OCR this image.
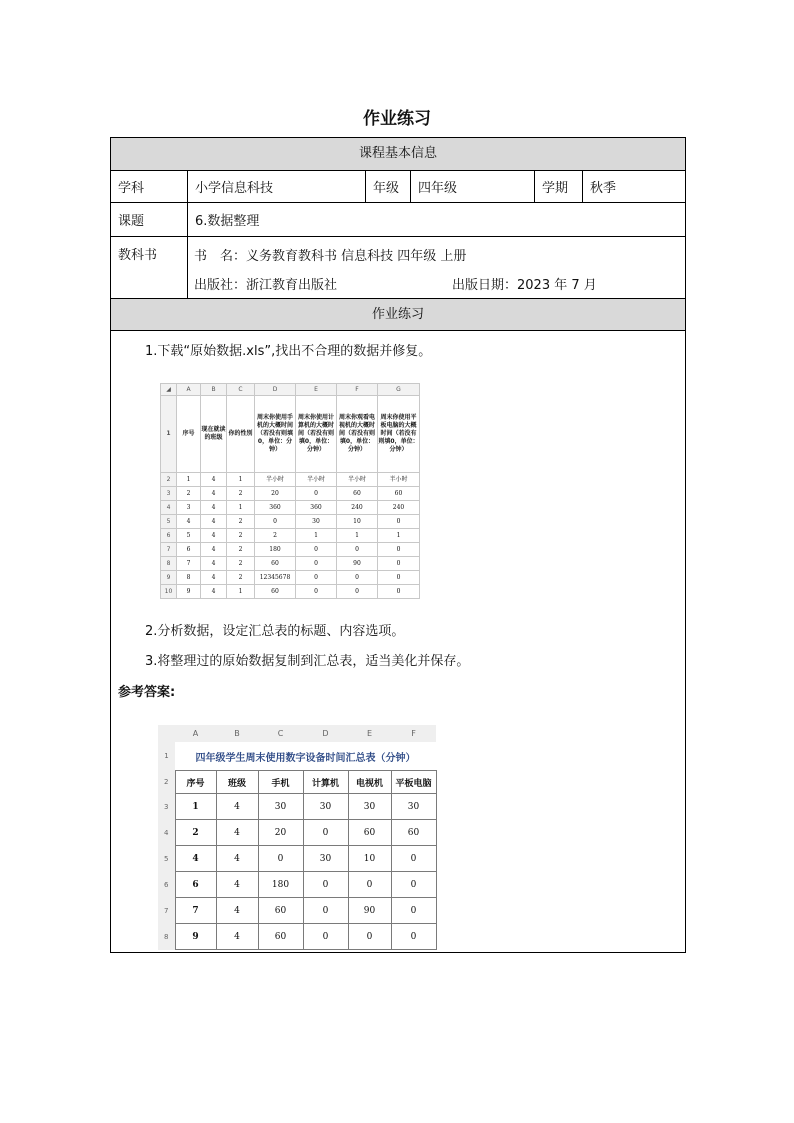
作业练习
课程基本信息
学科	小学信息科技	年级	四年级	学期	秋季
课题	6.数据整理
教科书	书　名：义务教育教科书 信息科技 四年级 上册
出版社：浙江教育出版社	出版日期：2023 年 7 月
作业练习
1.下载“原始数据.xls”,找出不合理的数据并修复。
2.分析数据，设定汇总表的标题、内容选项。
3.将整理过的原始数据复制到汇总表，适当美化并保存。
参考答案:
◢	A	B	C	D	E	F	G
1	序号	现在就读的班级	你的性别	周末你使用手机的大概时间（若没有则填0，单位：分钟）	周末你使用计算机的大概时间（若没有则填0，单位：分钟）	周末你观看电视机的大概时间（若没有则填0，单位：分钟）	周末你使用平板电脑的大概时间（若没有则填0，单位：分钟）
2	1	4	1	半小时	半小时	半小时	半小时
3	2	4	2	20	0	60	60
4	3	4	1	360	360	240	240
5	4	4	2	0	30	10	0
6	5	4	2	2	1	1	1
7	6	4	2	180	0	0	0
8	7	4	2	60	0	90	0
9	8	4	2	12345678	0	0	0
10	9	4	1	60	0	0	0
	A	B	C	D	E	F
1	四年级学生周末使用数字设备时间汇总表（分钟）					
2	序号	班级	手机	计算机	电视机	平板电脑
3	1	4	30	30	30	30
4	2	4	20	0	60	60
5	4	4	0	30	10	0
6	6	4	180	0	0	0
7	7	4	60	0	90	0
8	9	4	60	0	0	0
